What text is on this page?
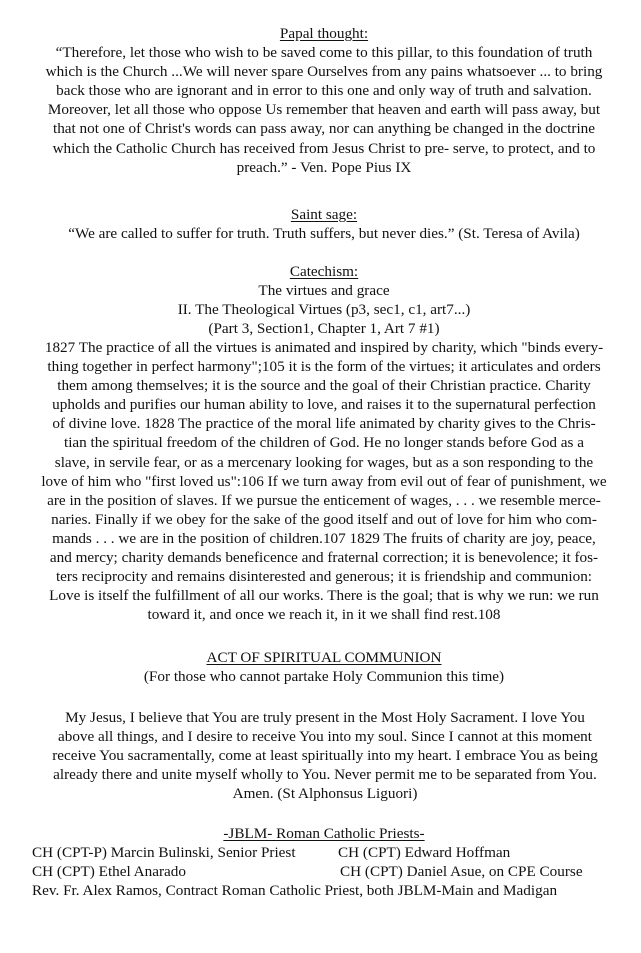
Papal thought:

“Therefore, let those who wish to be saved come to this pillar, to this foundation of truth

which is the Church ...We will never spare Ourselves from any pains whatsoever ... to bring

back those who are ignorant and in error to this one and only way of truth and salvation.

Moreover, let all those who oppose Us remember that heaven and earth will pass away, but

that not one of Christ's words can pass away, nor can anything be changed in the doctrine

which the Catholic Church has received from Jesus Christ to pre- serve, to protect, and to

preach.” - Ven. Pope Pius IX

Saint sage:

“We are called to suffer for truth. Truth suffers, but never dies.” (St. Teresa of Avila)

Catechism:

The virtues and grace

II. The Theological Virtues (p3, sec1, c1, art7...)

(Part 3, Section1, Chapter 1, Art 7 #1)

1827 The practice of all the virtues is animated and inspired by charity, which "binds every-

thing together in perfect harmony";105 it is the form of the virtues; it articulates and orders

them among themselves; it is the source and the goal of their Christian practice. Charity

upholds and purifies our human ability to love, and raises it to the supernatural perfection

of divine love. 1828 The practice of the moral life animated by charity gives to the Chris-

tian the spiritual freedom of the children of God. He no longer stands before God as a

slave, in servile fear, or as a mercenary looking for wages, but as a son responding to the

love of him who "first loved us":106 If we turn away from evil out of fear of punishment, we

are in the position of slaves. If we pursue the enticement of wages, . . . we resemble merce-

naries. Finally if we obey for the sake of the good itself and out of love for him who com-

mands . . . we are in the position of children.107 1829 The fruits of charity are joy, peace,

and mercy; charity demands beneficence and fraternal correction; it is benevolence; it fos-

ters reciprocity and remains disinterested and generous; it is friendship and communion:

Love is itself the fulfillment of all our works. There is the goal; that is why we run: we run

toward it, and once we reach it, in it we shall find rest.108

ACT OF SPIRITUAL COMMUNION

(For those who cannot partake Holy Communion this time)

My Jesus, I believe that You are truly present in the Most Holy Sacrament. I love You

above all things, and I desire to receive You into my soul. Since I cannot at this moment

receive You sacramentally, come at least spiritually into my heart. I embrace You as being

already there and unite myself wholly to You. Never permit me to be separated from You.

Amen. (St Alphonsus Liguori)

-JBLM- Roman Catholic Priests-

CH (CPT-P) Marcin Bulinski, Senior Priest	CH (CPT) Edward Hoffman
CH (CPT) Ethel Anarado	CH (CPT) Daniel Asue, on CPE Course
Rev. Fr. Alex Ramos, Contract Roman Catholic Priest, both JBLM-Main and Madigan
